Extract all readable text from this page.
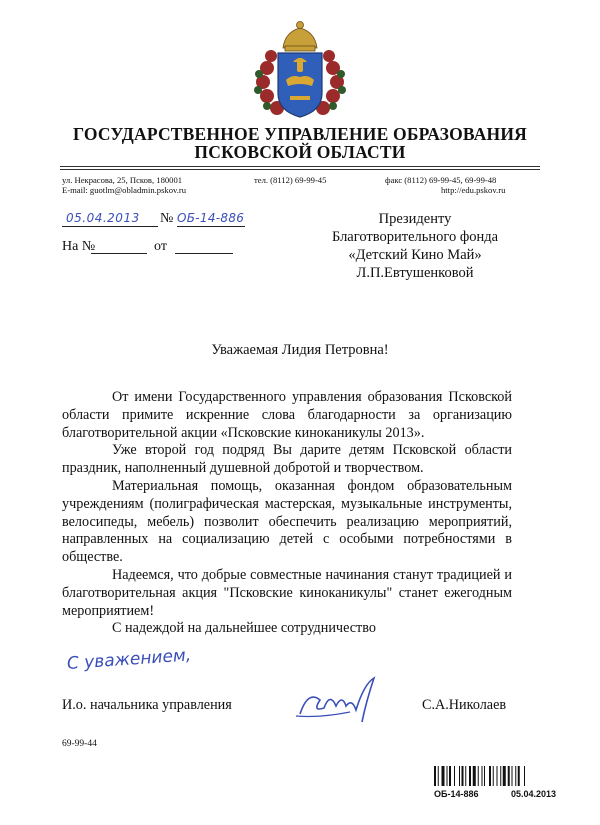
ГОСУДАРСТВЕННОЕ УПРАВЛЕНИЕ ОБРАЗОВАНИЯ
ПСКОВСКОЙ ОБЛАСТИ
ул. Некрасова, 25, Псков, 180001
E-mail: guotlm@obladmin.pskov.ru
тел. (8112) 69-99-45	факс (8112) 69-99-45, 69-99-48
http://edu.pskov.ru
05.04.2013 № ОБ-14-886
На №	от
Президенту
Благотворительного фонда
«Детский Кино Май»
Л.П.Евтушенковой
Уважаемая Лидия Петровна!

От имени Государственного управления образования Псковской области примите искренние слова благодарности за организацию благотворительной акции «Псковские киноканикулы 2013».

Уже второй год подряд Вы дарите детям Псковской области праздник, наполненный душевной добротой и творчеством.

Материальная помощь, оказанная фондом образовательным учреждениям (полиграфическая мастерская, музыкальные инструменты, велосипеды, мебель) позволит обеспечить реализацию мероприятий, направленных на социализацию детей с особыми потребностями в обществе.

Надеемся, что добрые совместные начинания станут традицией и благотворительная акция "Псковские киноканикулы" станет ежегодным мероприятием!

С надеждой на дальнейшее сотрудничество

С уважением,
И.о. начальника управления	С.А.Николаев
69-99-44
ОБ-14-886	05.04.2013
